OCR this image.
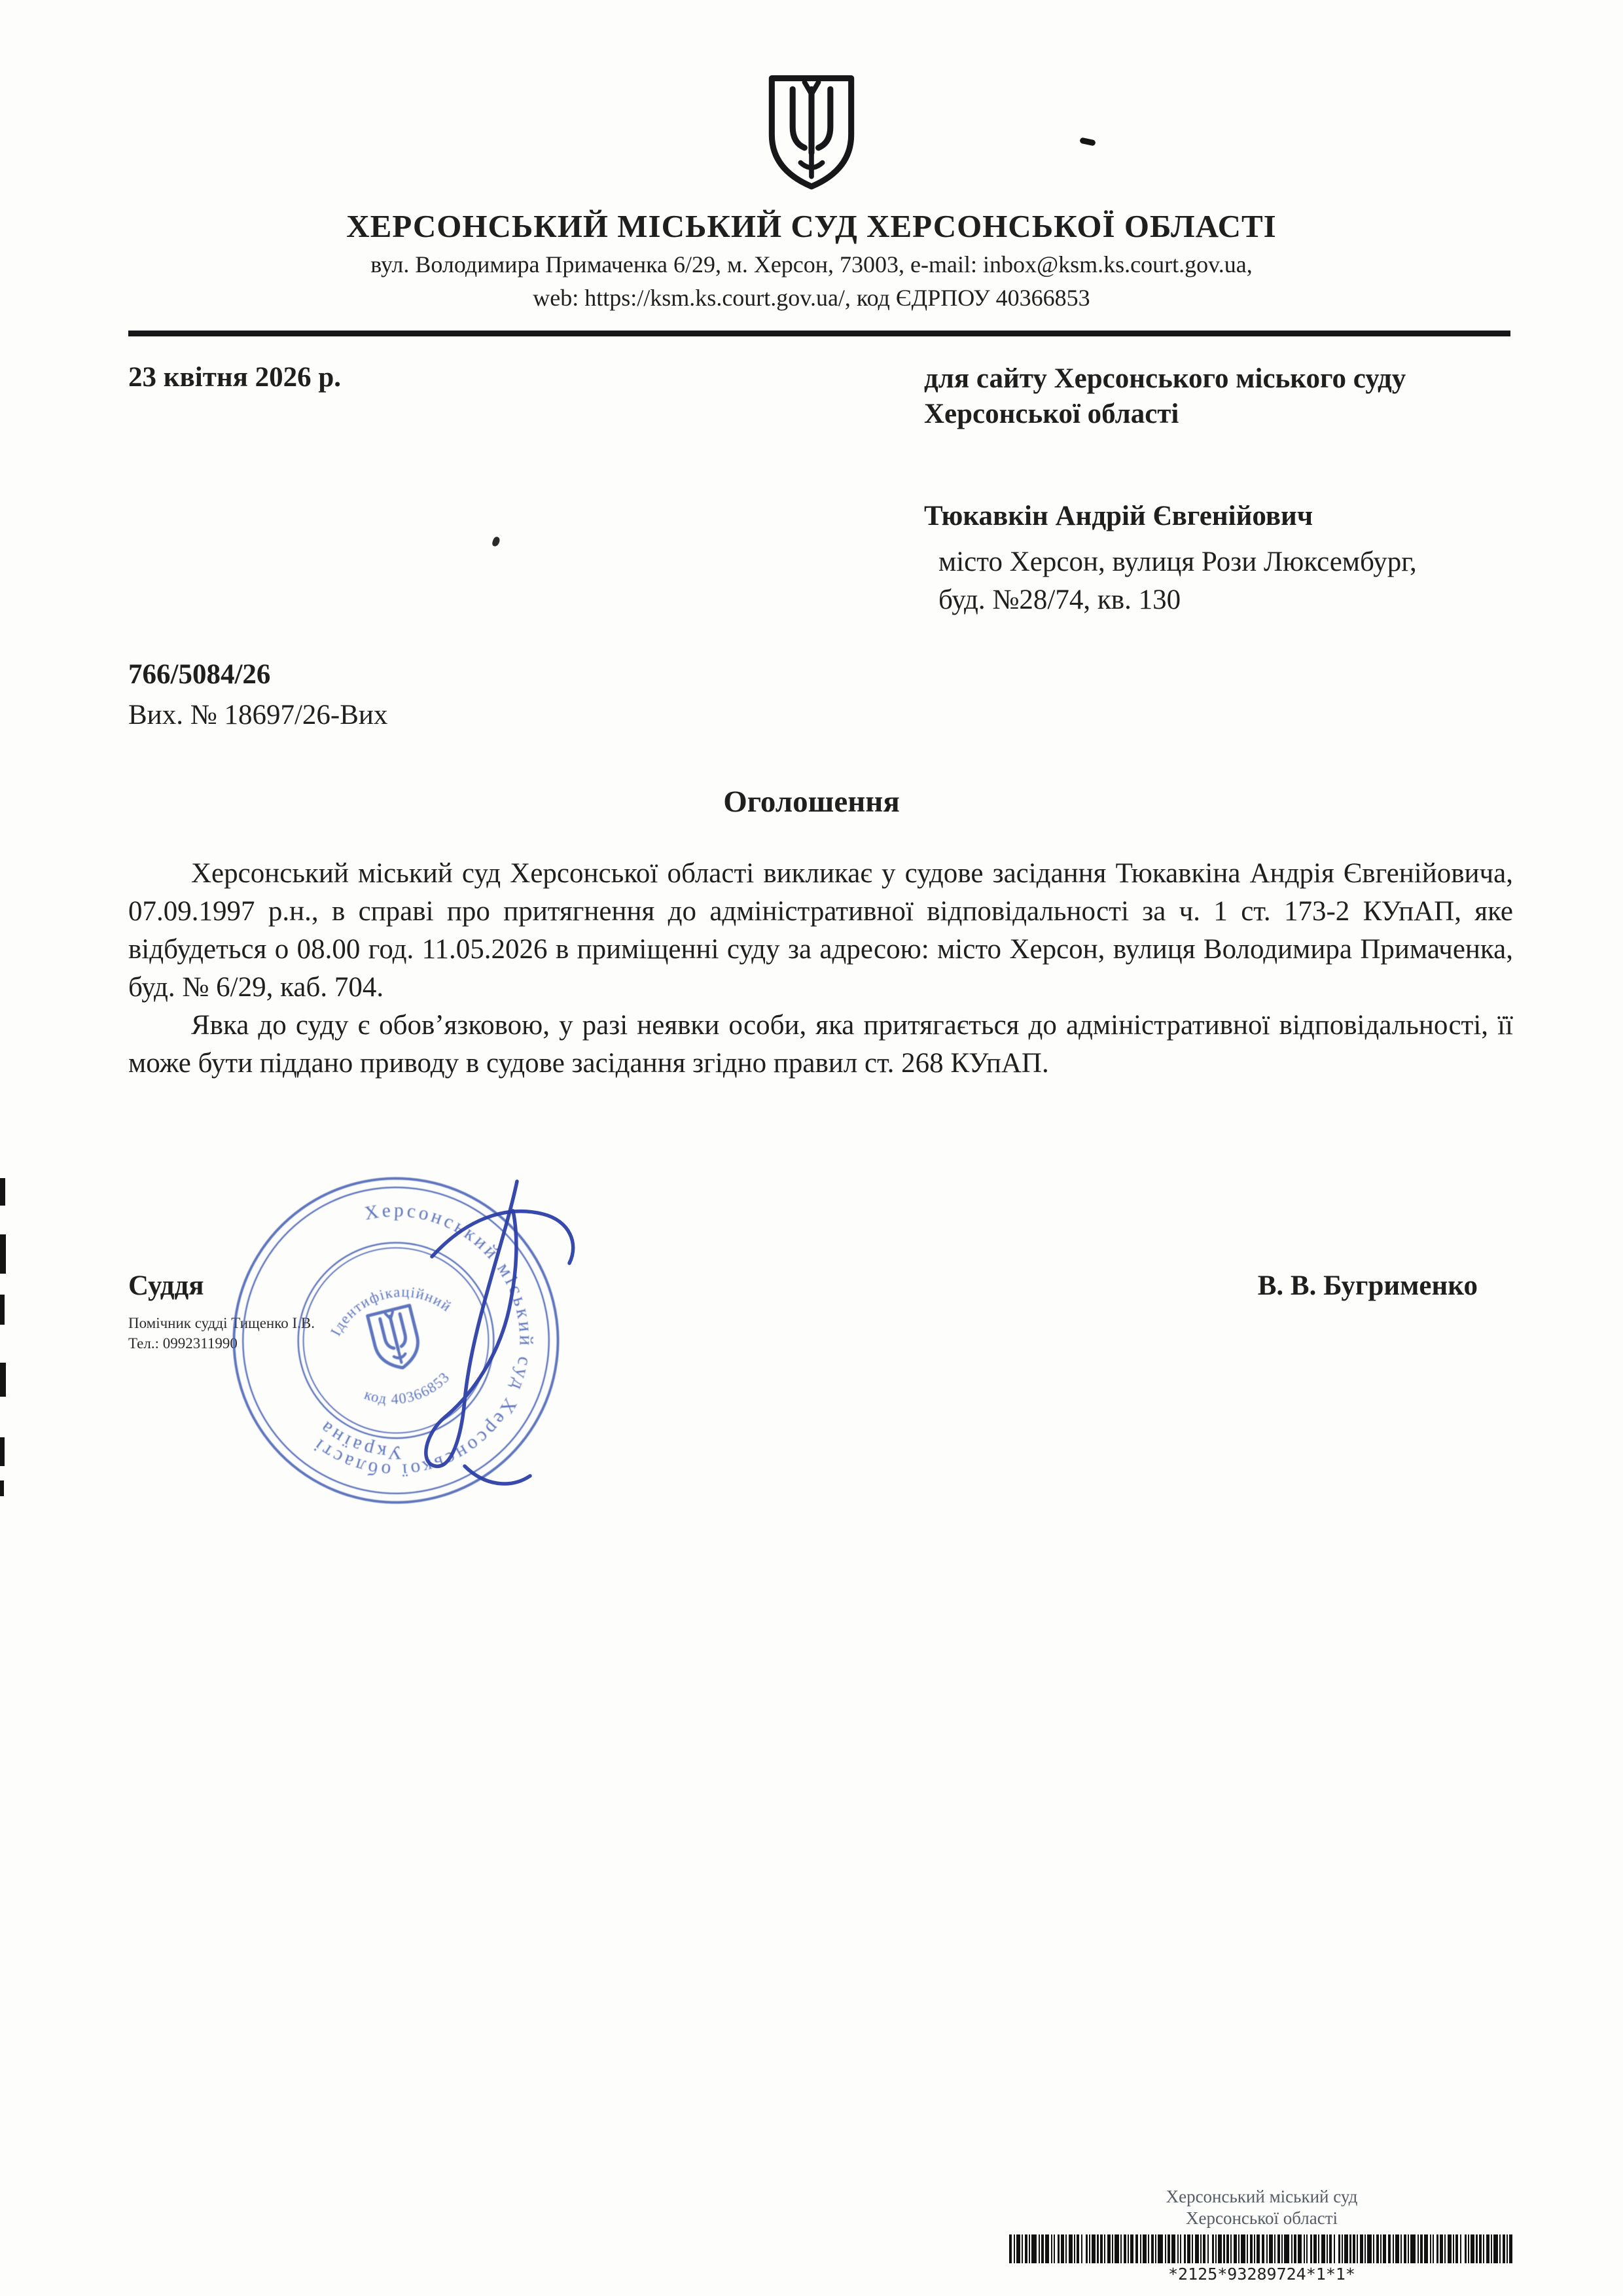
ХЕРСОНСЬКИЙ МІСЬКИЙ СУД ХЕРСОНСЬКОЇ ОБЛАСТІ
вул. Володимира Примаченка 6/29, м. Херсон, 73003, e-mail: inbox@ksm.ks.court.gov.ua,
web: https://ksm.ks.court.gov.ua/, код ЄДРПОУ 40366853
23 квітня 2026 р.	для сайту Херсонського міського суду
Херсонської області
Тюкавкін Андрій Євгенійович
місто Херсон, вулиця Рози Люксембург,
буд. №28/74, кв. 130
766/5084/26
Вих. № 18697/26-Вих
Оголошення

Херсонський міський суд Херсонської області викликає у судове засідання Тюкавкіна Андрія Євгенійовича, 07.09.1997 р.н., в справі про притягнення до адміністративної відповідальності за ч. 1 ст. 173-2 КУпАП, яке відбудеться о 08.00 год. 11.05.2026 в приміщенні суду за адресою: місто Херсон, вулиця Володимира Примаченка, буд. № 6/29, каб. 704.

Явка до суду є обовʼязковою, у разі неявки особи, яка притягається до адміністративної відповідальності, її може бути піддано приводу в судове засідання згідно правил ст. 268 КУпАП.

Суддя	В. В. Бугрименко
Помічник судді Тищенко І.В.
Тел.: 0992311990
Херсонський міський суд Херсонської області	Україна
Ідентифікаційний
код 40366853
Херсонський міський суд
Херсонської області
*2125*93289724*1*1*
